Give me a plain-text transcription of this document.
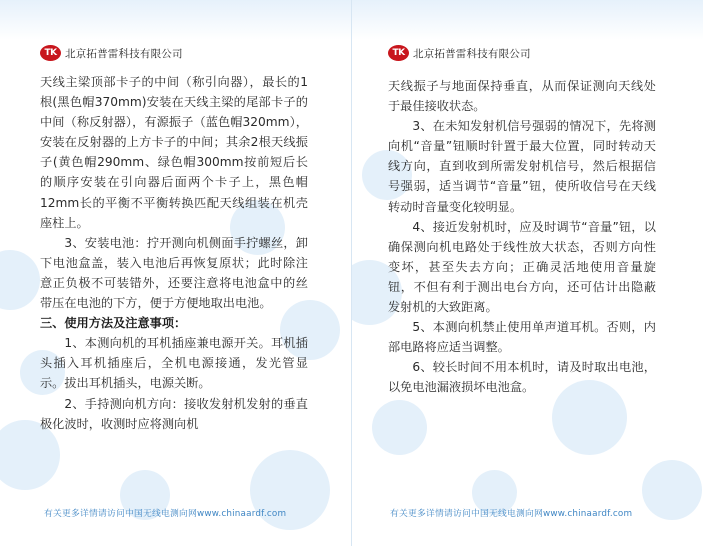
TK 北京拓普雷科技有限公司

天线主梁顶部卡子的中间（称引向器），最长的1根(黑色帽370mm)安装在天线主梁的尾部卡子的中间（称反射器），有源振子（蓝色帽320mm），安装在反射器的上方卡子的中间；其余2根天线振子(黄色帽290mm、绿色帽300mm按前短后长的顺序安装在引向器后面两个卡子上，黑色帽12mm长的平衡不平衡转换匹配天线组装在机壳座柱上。

3、安装电池：拧开测向机侧面手拧螺丝，卸下电池盒盖，装入电池后再恢复原状；此时除注意正负极不可装错外，还要注意将电池盒中的丝带压在电池的下方，便于方便地取出电池。

三、使用方法及注意事项：

1、本测向机的耳机插座兼电源开关。耳机插头插入耳机插座后，全机电源接通，发光管显示。拔出耳机插头，电源关断。

2、手持测向机方向：接收发射机发射的垂直极化波时，收测时应将测向机

有关更多详情请访问中国无线电测向网www.chinaardf.com
TK 北京拓普雷科技有限公司

天线振子与地面保持垂直，从而保证测向天线处于最佳接收状态。

3、在未知发射机信号强弱的情况下，先将测向机“音量”钮顺时针置于最大位置，同时转动天线方向，直到收到所需发射机信号，然后根据信号强弱，适当调节“音量”钮，使所收信号在天线转动时音量变化较明显。

4、接近发射机时，应及时调节“音量”钮，以确保测向机电路处于线性放大状态，否则方向性变坏，甚至失去方向；正确灵活地使用音量旋钮，不但有利于测出电台方向，还可估计出隐蔽发射机的大致距离。

5、本测向机禁止使用单声道耳机。否则，内部电路将应适当调整。

6、较长时间不用本机时，请及时取出电池，以免电池漏液损坏电池盒。

有关更多详情请访问中国无线电测向网www.chinaardf.com
